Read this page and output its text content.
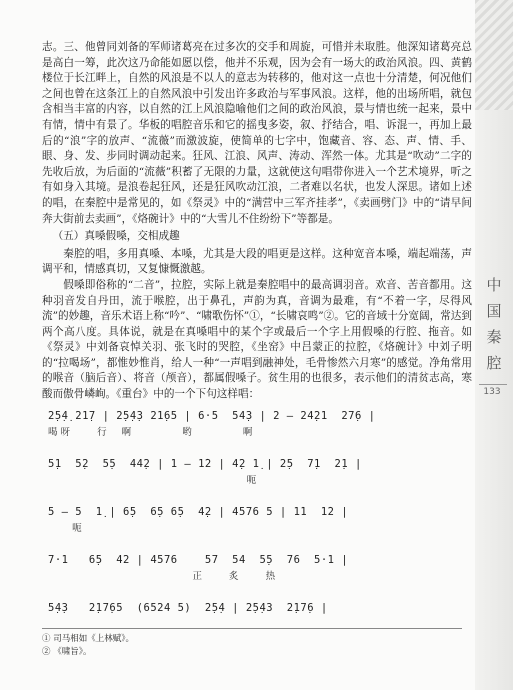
志。三、他曾同刘备的军师诸葛亮在过多次的交手和周旋，可惜并未取胜。他深知诸葛亮总是高白一筹，此次这乃命能如愿以偿，他并不乐观，因为会有一场大的政治风浪。四、黄鹤楼位于长江畔上，自然的风浪是不以人的意志为转移的，他对这一点也十分清楚，何况他们之间也曾在这条江上的自然风浪中引发出许多政治与军事风浪。这样，他的出场所唱，就包含相当丰富的内容，以自然的江上风浪隐喻他们之间的政治风浪，景与情也统一起来，景中有情，情中有景了。华板的唱腔音乐和它的摇曳多姿，叙、抒结合，唱、诉混一，再加上最后的“浪”字的放声、“流薇”而激波旋，使简单的七字中，饱藏音、容、态、声、情、手、眼、身、发、步同时调动起来。狂风、江浪、风声、涛动、浑然一体。尤其是“吹动”二字的先收后放，为后面的“流薇”积蓄了无限的力量，这就使这句唱带你进入一个艺术境界，听之有如身入其境。是浪卷起狂风，还是狂风吹动江浪，二者难以名状，也发人深思。诸如上述的唱，在秦腔中是常见的，如《祭灵》中的“满营中三军齐挂孝”，《卖画劈门》中的“请早间奔大街前去卖画”，《烙碗计》中的“大雪儿不住纷纷下”等都是。

（五）真嗓假嗓，交相成趣

秦腔的唱，多用真嗓、本嗓，尤其是大段的唱更是这样。这种宽音本嗓，端起端荡，声调平和，情感真切，又复慷慨激越。

假嗓即俗称的“二音”，拉腔，实际上就是秦腔唱中的最高调羽音。欢音、苦音都用。这种羽音发自丹田，流于喉腔，出于鼻孔，声韵为真，音调为最难，有“不着一字，尽得风流”的妙趣，音乐术语上称“吟”、“啸歌伤怀”①，“长啸哀鸣”②。它的音域十分宽阔，常达到两个高八度。具体说，就是在真嗓唱中的某个字或最后一个字上用假嗓的行腔、拖音。如《祭灵》中刘备哀悼关羽、张飞时的哭腔，《坐窑》中吕蒙正的拉腔，《烙碗计》中刘子明的“拉喝场”，都惟妙惟肖，给人一种“一声唱到融神处，毛骨惨然六月寒”的感觉。净角常用的喉音（脑后音）、将音（颅音），都属假嗓子。贫生用的也很多，表示他们的清贫志高，寒酸而傲骨嶙峋。《重台》中的一个下句这样唱：

2̣5̣4̣ 21̣7 | 2̣5̣4̣3 21̣65 | 6·5  54̣3 | 2 — 24̣21  27̣6 |
喝呀    行  啊        哟        啊
5̣1  5̣2  5̣5  44̣2 | 1 — 1̇2 | 4̣2 1̣ | 2̣5  7̣1  2̣1 |
呃
5 — 5  1̣ | 6̣5  6̣5 6̣5  4̣2 | 4576 5 | 1̇1  1̇2 |
呃
7·1   6̣5  42 | 4576    57  54  5̣5  76  5·1 |
正    炙    热
5̣4̣3   2̣17̣65  (6524 5)  2̣5̣4 | 2̣5̣43  2̣17̣6 |
① 司马相如《上林赋》。
② 《啸旨》。
中
国
秦
腔
133
